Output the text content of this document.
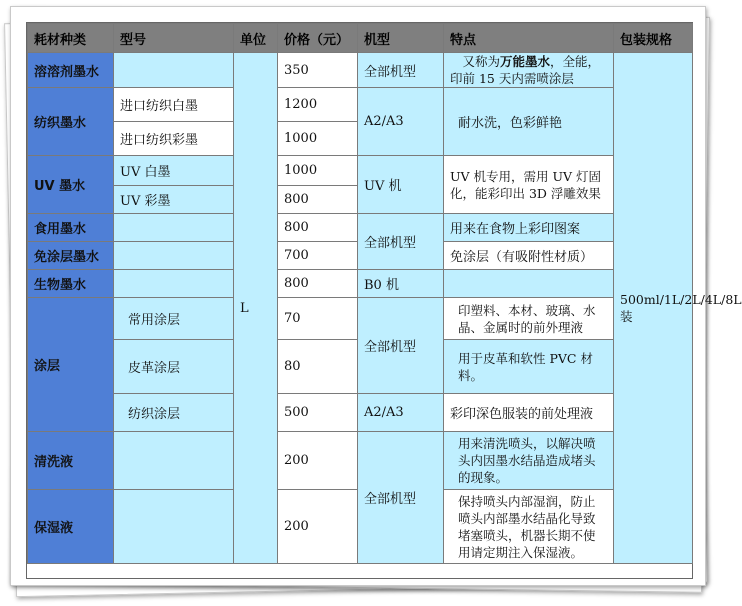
耗材种类	型号	单位	价格（元）	机型	特点	包装规格
溶溶剂墨水		L	350	全部机型	　又称为万能墨水，全能，印前 15 天内需喷涂层	500ml/1L/2L/4L/8L 装
纺织墨水	进口纺织白墨		1200	A2/A3	耐水洗，色彩鲜艳	
	进口纺织彩墨		1000			
UV 墨水	UV 白墨		1000	UV 机	UV 机专用，需用 UV 灯固化，能彩印出 3D 浮雕效果	
	UV 彩墨		800			
食用墨水			800	全部机型	用来在食物上彩印图案	
免涂层墨水			700		免涂层（有吸附性材质）	
生物墨水			800	B0 机		
涂层	常用涂层		70	全部机型	印塑料、本材、玻璃、水晶、金属时的前外理液	
	皮革涂层		80		用于皮革和软性 PVC 材料。	
	纺织涂层		500	A2/A3	彩印深色服装的前处理液	
清洗液			200	全部机型	用来清洗喷头，以解决喷头内因墨水结晶造成堵头的现象。	
保湿液			200		保持喷头内部湿润，防止喷头内部墨水结晶化导致堵塞喷头，机器长期不使用请定期注入保湿液。	
